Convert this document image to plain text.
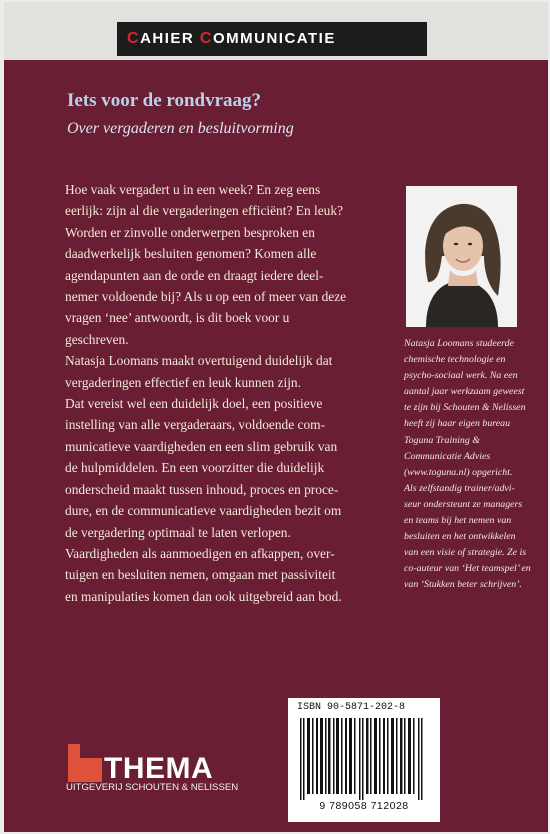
CAHIER COMMUNICATIE
Iets voor de rondvraag?
Over vergaderen en besluitvorming

Hoe vaak vergadert u in een week? En zeg eens

eerlijk: zijn al die vergaderingen efficiënt? En leuk?

Worden er zinvolle onderwerpen besproken en

daadwerkelijk besluiten genomen? Komen alle

agendapunten aan de orde en draagt iedere deel-

nemer voldoende bij? Als u op een of meer van deze

vragen ‘nee’ antwoordt, is dit boek voor u

geschreven.

Natasja Loomans maakt overtuigend duidelijk dat

vergaderingen effectief en leuk kunnen zijn.

Dat vereist wel een duidelijk doel, een positieve

instelling van alle vergaderaars, voldoende com-

municatieve vaardigheden en een slim gebruik van

de hulpmiddelen. En een voorzitter die duidelijk

onderscheid maakt tussen inhoud, proces en proce-

dure, en de communicatieve vaardigheden bezit om

de vergadering optimaal te laten verlopen.

Vaardigheden als aanmoedigen en afkappen, over-

tuigen en besluiten nemen, omgaan met passiviteit

en manipulaties komen dan ook uitgebreid aan bod.

Natasja Loomans studeerde

chemische technologie en

psycho-sociaal werk. Na een

aantal jaar werkzaam geweest

te zijn bij Schouten & Nelissen

heeft zij haar eigen bureau

Toguna Training &

Communicatie Advies

(www.toguna.nl) opgericht.

Als zelfstandig trainer/advi-

seur ondersteunt ze managers

en teams bij het nemen van

besluiten en het ontwikkelen

van een visie of strategie. Ze is

co-auteur van ‘Het teamspel’ en

van ‘Stukken beter schrijven’.

ISBN 90-5871-202-8
9 789058 712028
THEMA
UITGEVERIJ SCHOUTEN & NELISSEN
